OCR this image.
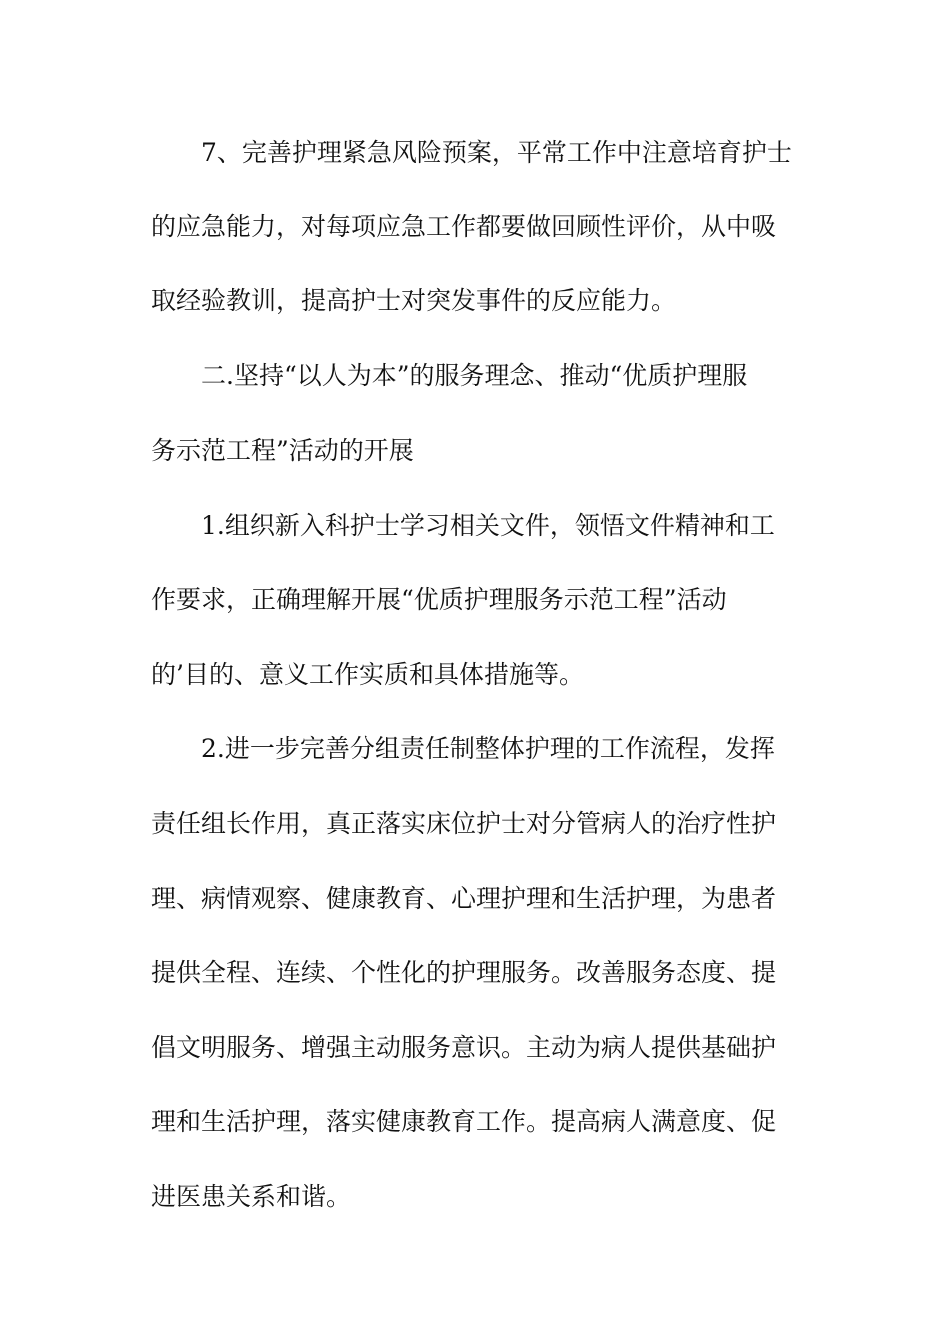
7、完善护理紧急风险预案，平常工作中注意培育护士
的应急能力，对每项应急工作都要做回顾性评价，从中吸
取经验教训，提高护士对突发事件的反应能力。
二.坚持“以人为本”的服务理念、推动“优质护理服
务示范工程”活动的开展
1.组织新入科护士学习相关文件，领悟文件精神和工
作要求，正确理解开展“优质护理服务示范工程”活动
的’目的、意义工作实质和具体措施等。
2.进一步完善分组责任制整体护理的工作流程，发挥
责任组长作用，真正落实床位护士对分管病人的治疗性护
理、病情观察、健康教育、心理护理和生活护理，为患者
提供全程、连续、个性化的护理服务。改善服务态度、提
倡文明服务、增强主动服务意识。主动为病人提供基础护
理和生活护理，落实健康教育工作。提高病人满意度、促
进医患关系和谐。
